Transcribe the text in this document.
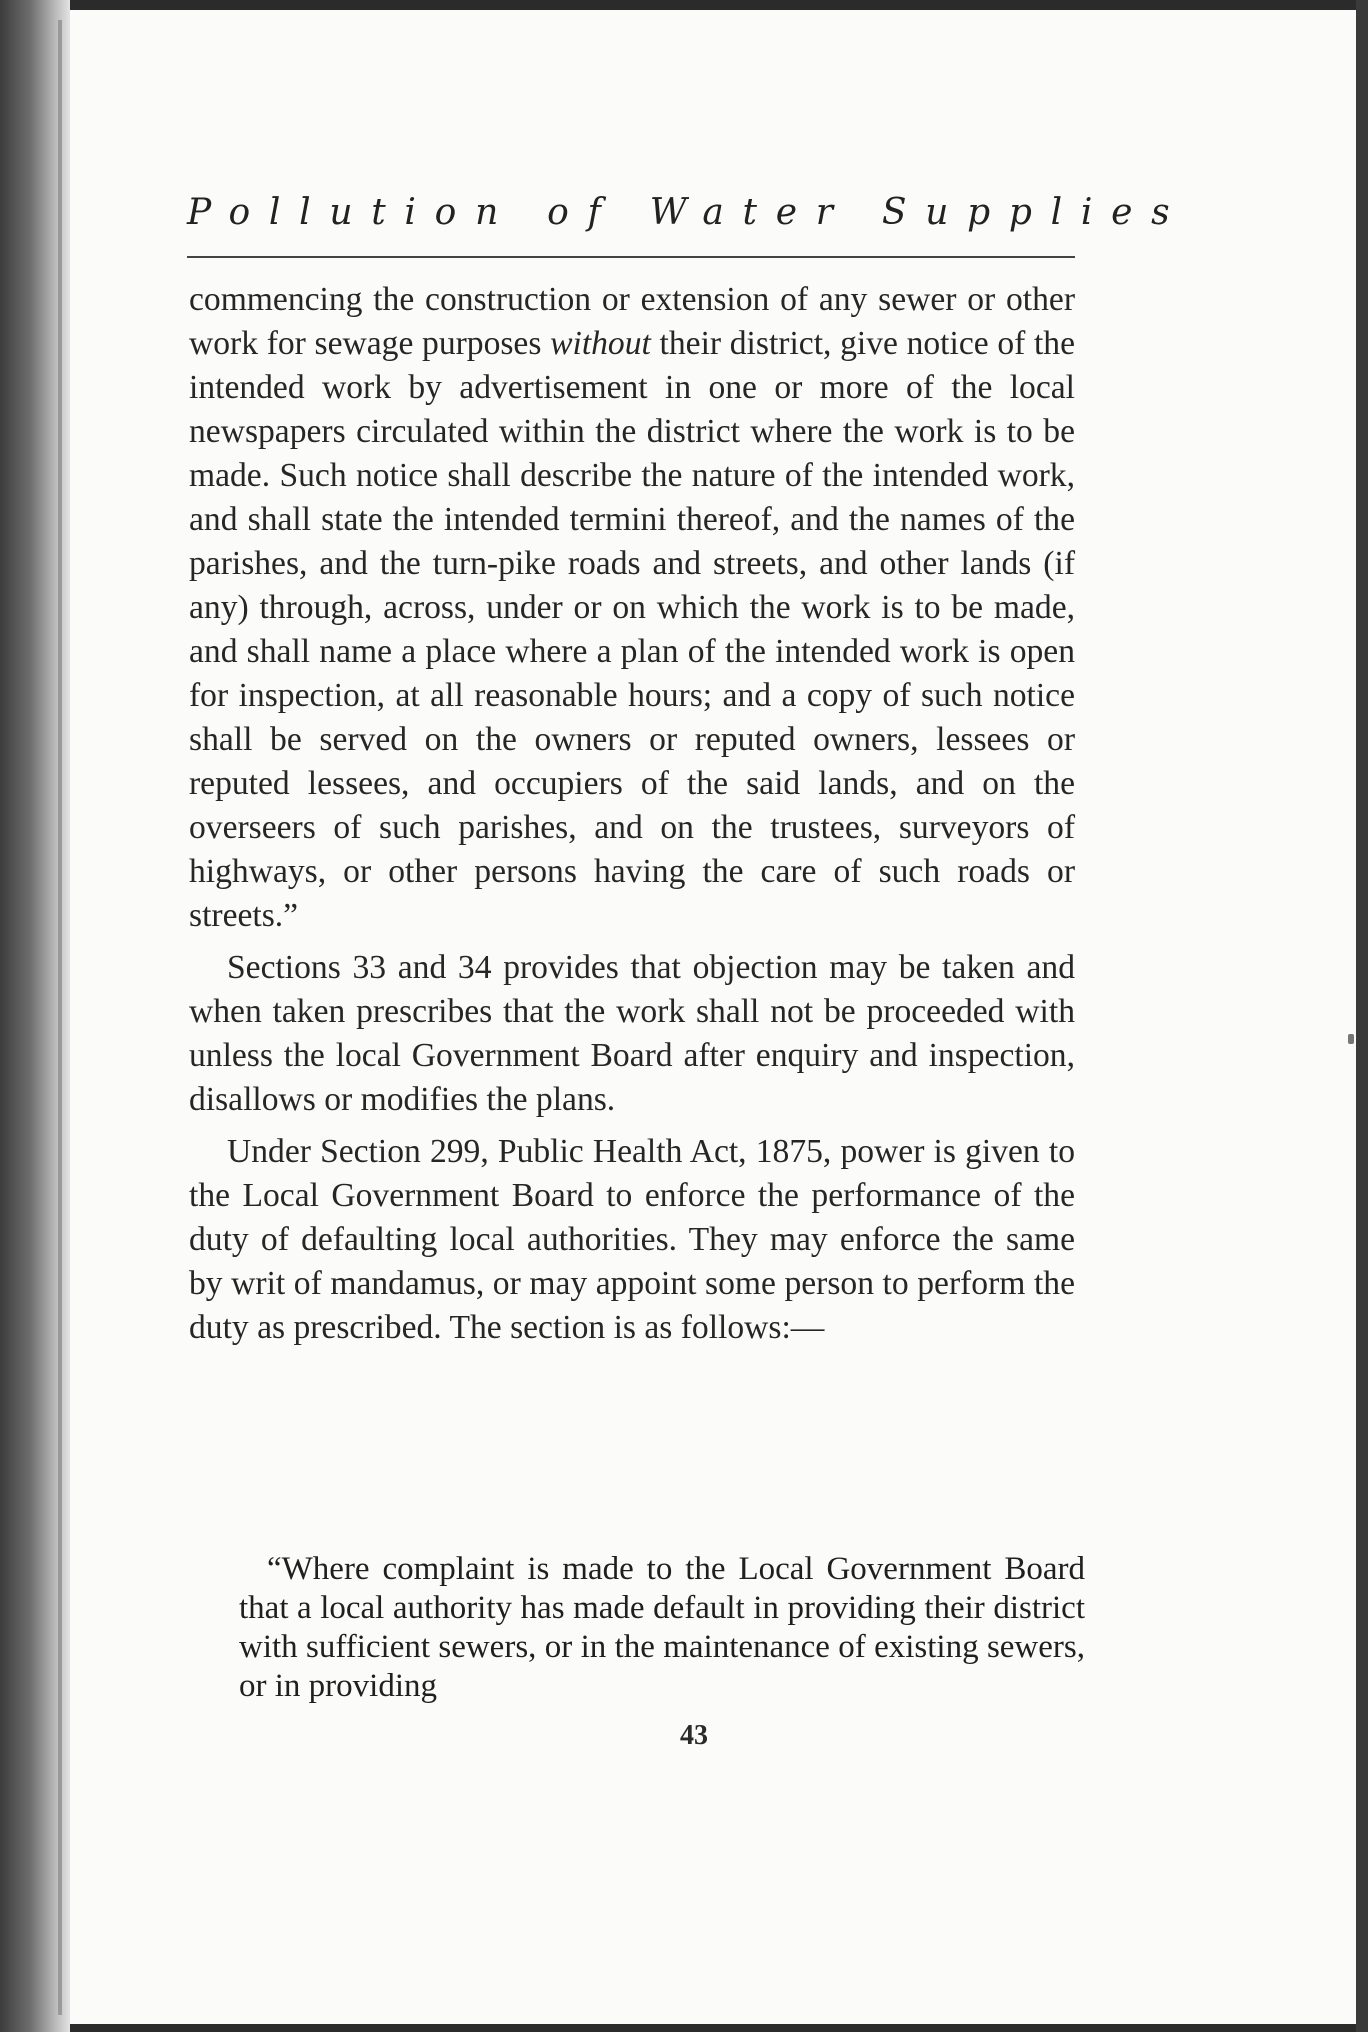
Pollution of Water Supplies

commencing the construction or extension of any sewer or other work for sewage purposes without their district, give notice of the intended work by advertisement in one or more of the local newspapers circulated within the district where the work is to be made. Such notice shall describe the nature of the intended work, and shall state the intended termini thereof, and the names of the parishes, and the turn-pike roads and streets, and other lands (if any) through, across, under or on which the work is to be made, and shall name a place where a plan of the intended work is open for inspection, at all reasonable hours; and a copy of such notice shall be served on the owners or reputed owners, lessees or reputed lessees, and occupiers of the said lands, and on the overseers of such parishes, and on the trustees, surveyors of highways, or other persons having the care of such roads or streets.”

Sections 33 and 34 provides that objection may be taken and when taken prescribes that the work shall not be proceeded with unless the local Government Board after enquiry and inspection, disallows or modifies the plans.

Under Section 299, Public Health Act, 1875, power is given to the Local Government Board to enforce the performance of the duty of defaulting local authorities. They may enforce the same by writ of mandamus, or may appoint some person to perform the duty as prescribed. The section is as follows:—

“Where complaint is made to the Local Government Board that a local authority has made default in providing their district with sufficient sewers, or in the maintenance of existing sewers, or in providing

43
